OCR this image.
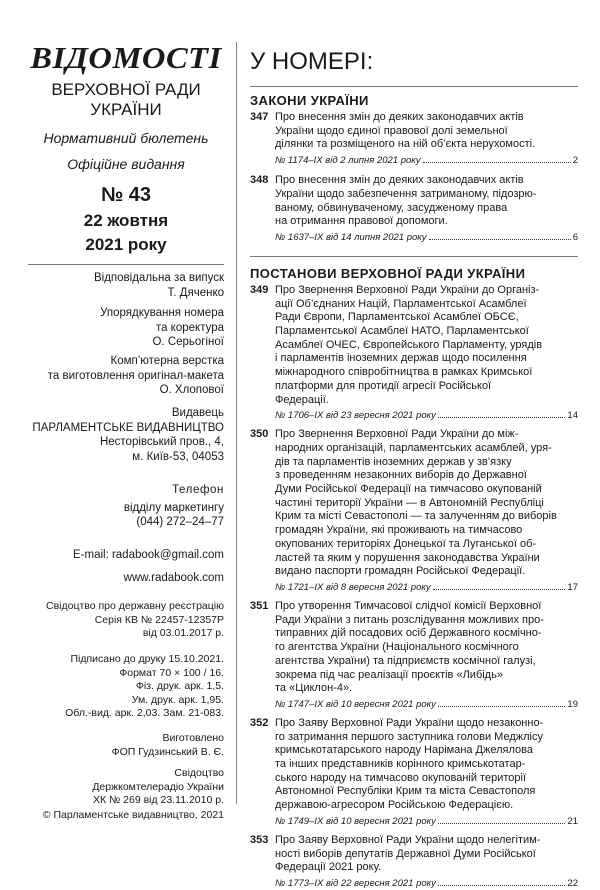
ВІДОМОСТІ
ВЕРХОВНОЇ РАДИ
УКРАЇНИ
Нормативний бюлетень
Офіційне видання
№ 43
22 жовтня
2021 року
Відповідальна за випуск
Т. Дяченко
Упорядкування номера
та коректура
О. Серьогіної
Комп’ютерна верстка
та виготовлення оригінал-макета
О. Хлопової
Видавець
ПАРЛАМЕНТСЬКЕ ВИДАВНИЦТВО
Несторівський пров., 4,
м. Київ-53, 04053
Телефон
відділу маркетингу
(044) 272–24–77
E-mail: radabook@gmail.com
www.radabook.com
Свідоцтво про державну реєстрацію
Серія КВ № 22457-12357Р
від 03.01.2017 р.
Підписано до друку 15.10.2021.
Формат 70 × 100 / 16.
Фіз. друк. арк. 1,5.
Ум. друк. арк. 1,95.
Обл.-вид. арк. 2,03. Зам. 21-083.
Виготовлено
ФОП Гудзинський В. Є.
Свідоцтво
Держкомтелерадіо України
ХК № 269 від 23.11.2010 р.
© Парламентське видавництво, 2021
У НОМЕРІ:
ЗАКОНИ УКРАЇНИ
347 Про внесення змін до деяких законодавчих актів
України щодо єдиної правової долі земельної
ділянки та розміщеного на ній об’єкта нерухомості.
№ 1174–IX від 2 липня 2021 року	2
348 Про внесення змін до деяких законодавчих актів
України щодо забезпечення затриманому, підозрю-
ваному, обвинуваченому, засудженому права
на отримання правової допомоги.
№ 1637–IX від 14 липня 2021 року	6
ПОСТАНОВИ ВЕРХОВНОЇ РАДИ УКРАЇНИ
349 Про Звернення Верховної Ради України до Організ-
ації Об’єднаних Націй, Парламентської Асамблеї
Ради Європи, Парламентської Асамблеї ОБСЄ,
Парламентської Асамблеї НАТО, Парламентської
Асамблеї ОЧЕС, Європейського Парламенту, урядів
і парламентів іноземних держав щодо посилення
міжнародного співробітництва в рамках Кримської
платформи для протидії агресії Російської
Федерації.
№ 1706–IX від 23 вересня 2021 року	14
350 Про Звернення Верховної Ради України до між-
народних організацій, парламентських асамблей, уря-
дів та парламентів іноземних держав у зв’язку
з проведенням незаконних виборів до Державної
Думи Російської Федерації на тимчасово окупованій
частині території України — в Автономній Республіці
Крим та місті Севастополі — та залученням до виборів
громадян України, які проживають на тимчасово
окупованих територіях Донецької та Луганської об-
ластей та яким у порушення законодавства України
видано паспорти громадян Російської Федерації.
№ 1721–IX від 8 вересня 2021 року	17
351 Про утворення Тимчасової слідчої комісії Верховної
Ради України з питань розслідування можливих про-
типравних дій посадових осіб Державного космічно-
го агентства України (Національного космічного
агентства України) та підприємств космічної галузі,
зокрема під час реалізації проєктів «Либідь»
та «Циклон-4».
№ 1747–IX від 10 вересня 2021 року	19
352 Про Заяву Верховної Ради України щодо незаконно-
го затримання першого заступника голови Меджлісу
кримськотатарського народу Нарімана Джелялова
та інших представників корінного кримськотатар-
ського народу на тимчасово окупованій території
Автономної Республіки Крим та міста Севастополя
державою-агресором Російською Федерацією.
№ 1749–IX від 10 вересня 2021 року	21
353 Про Заяву Верховної Ради України щодо нелегітим-
ності виборів депутатів Державної Думи Російської
Федерації 2021 року.
№ 1773–IX від 22 вересня 2021 року	22
